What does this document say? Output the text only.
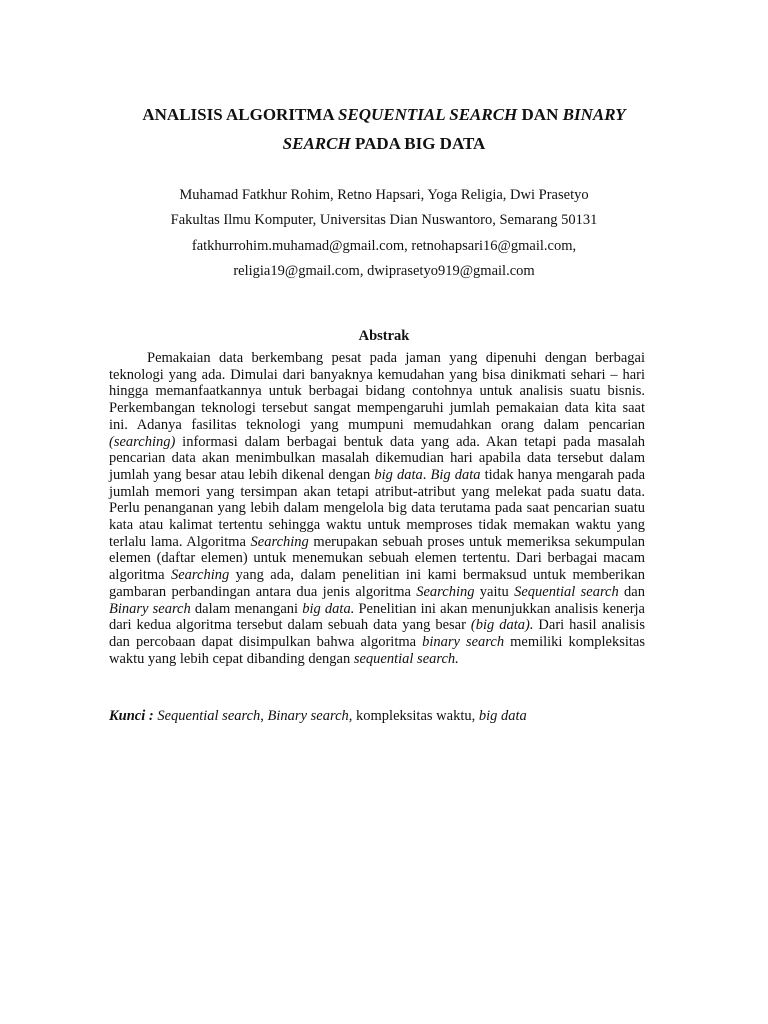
ANALISIS ALGORITMA SEQUENTIAL SEARCH DAN BINARY
SEARCH PADA BIG DATA
Muhamad Fatkhur Rohim, Retno Hapsari, Yoga Religia, Dwi Prasetyo
Fakultas Ilmu Komputer, Universitas Dian Nuswantoro, Semarang 50131
fatkhurrohim.muhamad@gmail.com, retnohapsari16@gmail.com,
religia19@gmail.com, dwiprasetyo919@gmail.com
Abstrak

Pemakaian data berkembang pesat pada jaman yang dipenuhi dengan berbagai teknologi yang ada. Dimulai dari banyaknya kemudahan yang bisa dinikmati sehari – hari hingga memanfaatkannya untuk berbagai bidang contohnya untuk analisis suatu bisnis. Perkembangan teknologi tersebut sangat mempengaruhi jumlah pemakaian data kita saat ini. Adanya fasilitas teknologi yang mumpuni memudahkan orang dalam pencarian (searching) informasi dalam berbagai bentuk data yang ada. Akan tetapi pada masalah pencarian data akan menimbulkan masalah dikemudian hari apabila data tersebut dalam jumlah yang besar atau lebih dikenal dengan big data. Big data tidak hanya mengarah pada jumlah memori yang tersimpan akan tetapi atribut-atribut yang melekat pada suatu data. Perlu penanganan yang lebih dalam mengelola big data terutama pada saat pencarian suatu kata atau kalimat tertentu sehingga waktu untuk memproses tidak memakan waktu yang terlalu lama. Algoritma Searching merupakan sebuah proses untuk memeriksa sekumpulan elemen (daftar elemen) untuk menemukan sebuah elemen tertentu. Dari berbagai macam algoritma Searching yang ada, dalam penelitian ini kami bermaksud untuk memberikan gambaran perbandingan antara dua jenis algoritma Searching yaitu Sequential search dan Binary search dalam menangani big data. Penelitian ini akan menunjukkan analisis kenerja dari kedua algoritma tersebut dalam sebuah data yang besar (big data). Dari hasil analisis dan percobaan dapat disimpulkan bahwa algoritma binary search memiliki kompleksitas waktu yang lebih cepat dibanding dengan sequential search.

Kunci : Sequential search, Binary search, kompleksitas waktu, big data
